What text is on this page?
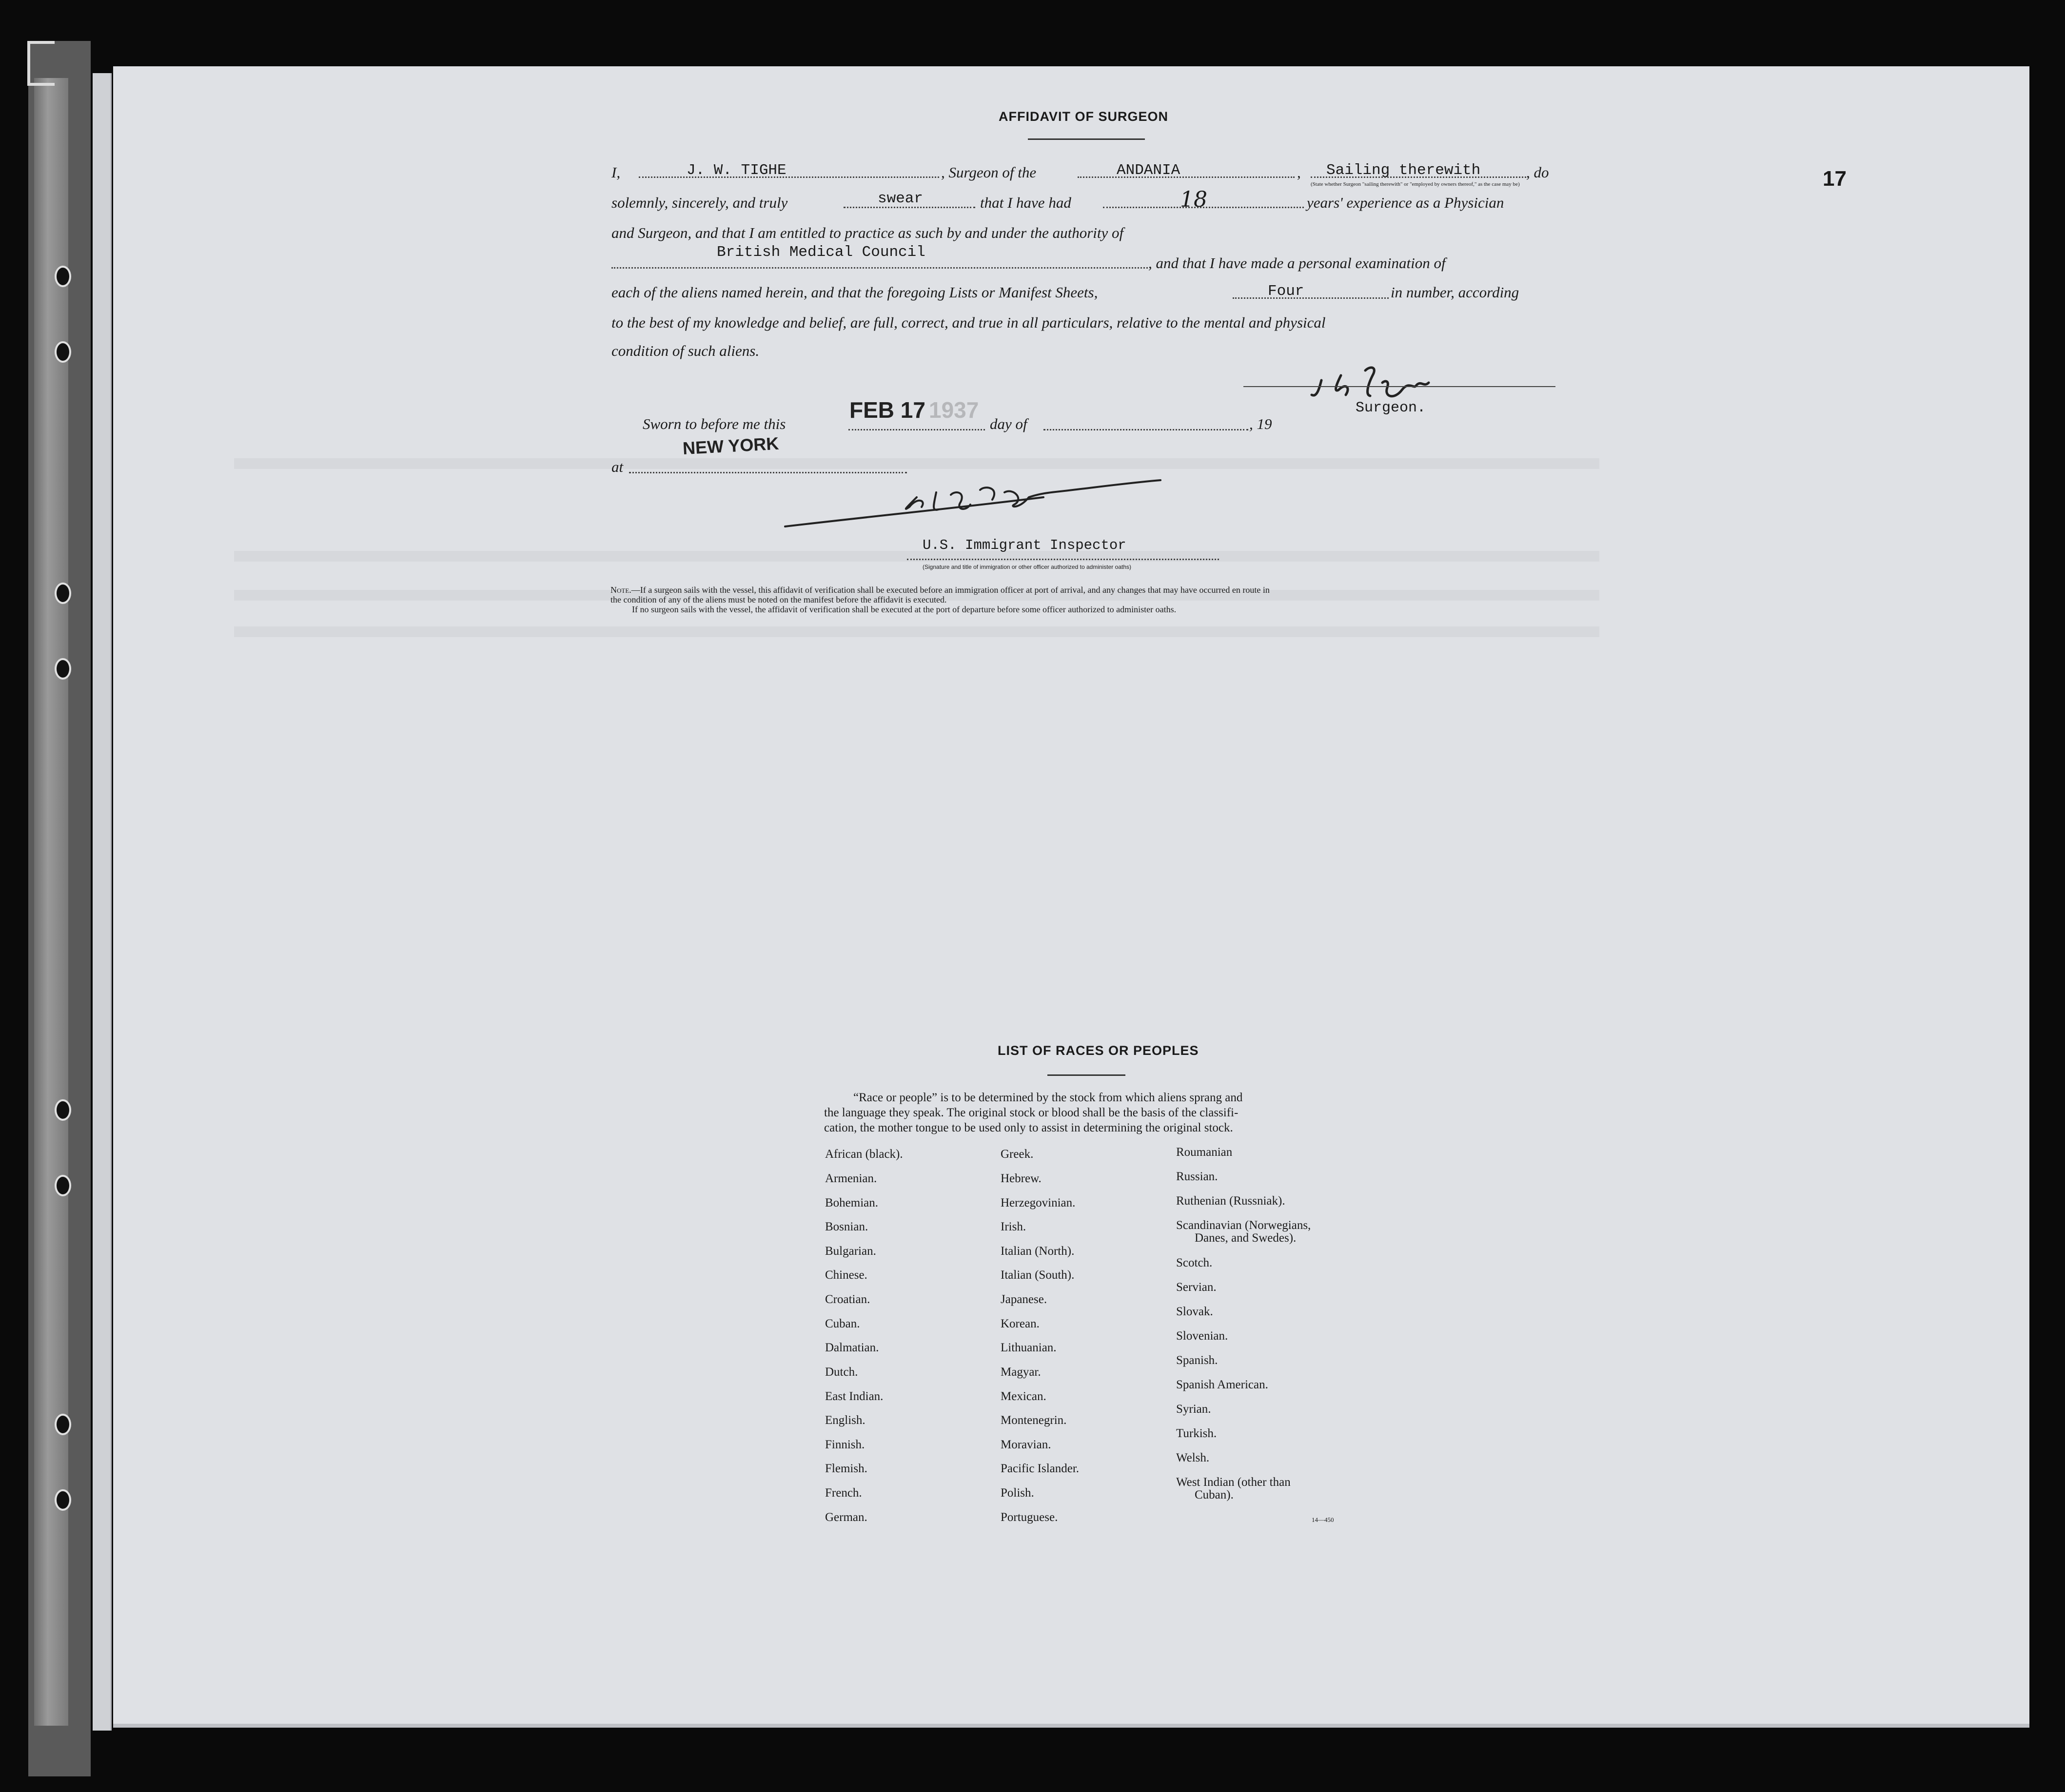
17
AFFIDAVIT OF SURGEON
I,	J. W. TIGHE	, Surgeon of the	ANDANIA	, Sailing therewith	, do
(State whether Surgeon "sailing therewith" or "employed by owners thereof," as the case may be)
solemnly, sincerely, and truly	swear	that I have had	18	years' experience as a Physician
and Surgeon, and that I am entitled to practice as such by and under the authority of
British Medical Council
, and that I have made a personal examination of
each of the aliens named herein, and that the foregoing Lists or Manifest Sheets,	Four	in number, according
to the best of my knowledge and belief, are full, correct, and true in all particulars, relative to the mental and physical
condition of such aliens.
Surgeon.
Sworn to before me this
FEB 17 1937
day of	, 19
at
NEW YORK
U.S. Immigrant Inspector
(Signature and title of immigration or other officer authorized to administer oaths)
Note.—If a surgeon sails with the vessel, this affidavit of verification shall be executed before an immigration officer at port of arrival, and any changes that may have occurred en route in
the condition of any of the aliens must be noted on the manifest before the affidavit is executed.
If no surgeon sails with the vessel, the affidavit of verification shall be executed at the port of departure before some officer authorized to administer oaths.
LIST OF RACES OR PEOPLES
“Race or people” is to be determined by the stock from which aliens sprang and
the language they speak. The original stock or blood shall be the basis of the classifi-
cation, the mother tongue to be used only to assist in determining the original stock.
African (black).
Armenian.
Bohemian.
Bosnian.
Bulgarian.
Chinese.
Croatian.
Cuban.
Dalmatian.
Dutch.
East Indian.
English.
Finnish.
Flemish.
French.
German.
Greek.
Hebrew.
Herzegovinian.
Irish.
Italian (North).
Italian (South).
Japanese.
Korean.
Lithuanian.
Magyar.
Mexican.
Montenegrin.
Moravian.
Pacific Islander.
Polish.
Portuguese.
Roumanian
Russian.
Ruthenian (Russniak).
Scandinavian (Norwegians,
Danes, and Swedes).
Scotch.
Servian.
Slovak.
Slovenian.
Spanish.
Spanish American.
Syrian.
Turkish.
Welsh.
West Indian (other than
Cuban).
14—450
